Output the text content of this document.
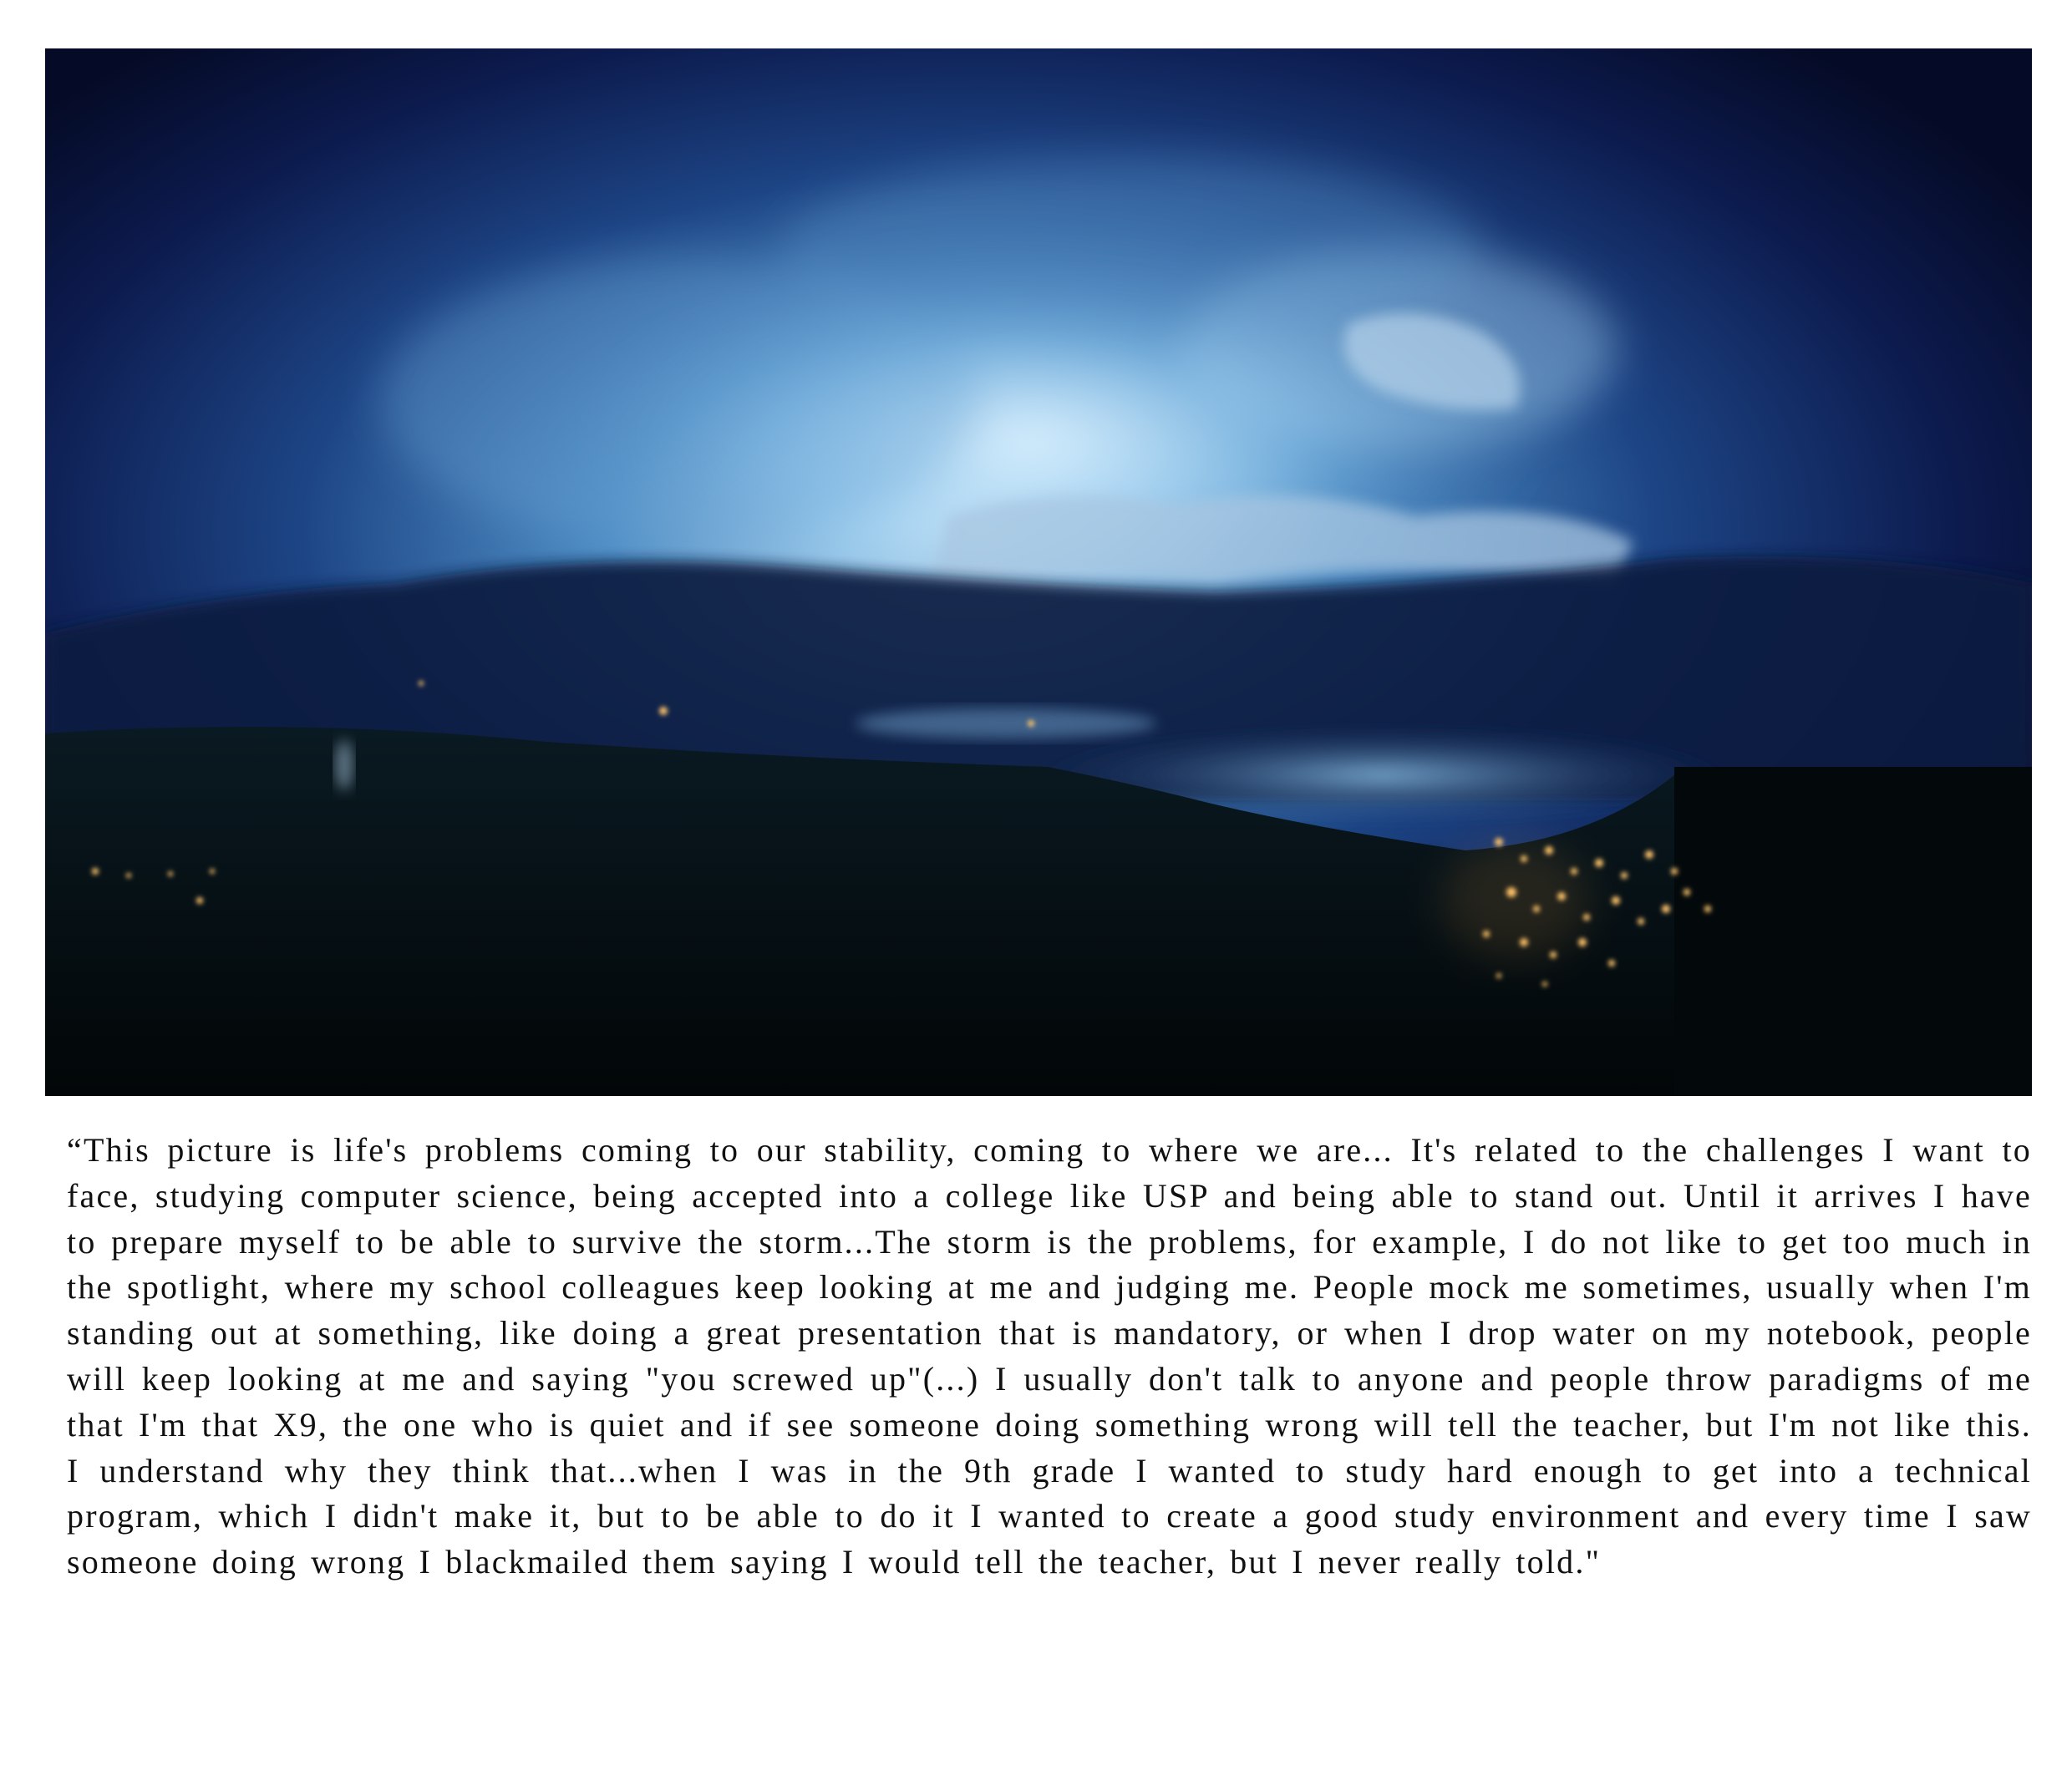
“This picture is life's problems coming to our stability, coming to where we are... It's related to the challenges I want to face, studying computer science, being accepted into a college like USP and being able to stand out. Until it arrives I have to prepare myself to be able to survive the storm...The storm is the problems, for example, I do not like to get too much in the spotlight, where my school colleagues keep looking at me and judging me. People mock me sometimes, usually when I'm standing out at something, like doing a great presentation that is mandatory, or when I drop water on my notebook, people will keep looking at me and saying "you screwed up"(...) I usually don't talk to anyone and people throw paradigms of me that I'm that X9, the one who is quiet and if see someone doing something wrong will tell the teacher, but I'm not like this. I understand why they think that...when I was in the 9th grade I wanted to study hard enough to get into a technical program, which I didn't make it, but to be able to do it I wanted to create a good study environment and every time I saw someone doing wrong I blackmailed them saying I would tell the teacher, but I never really told."
